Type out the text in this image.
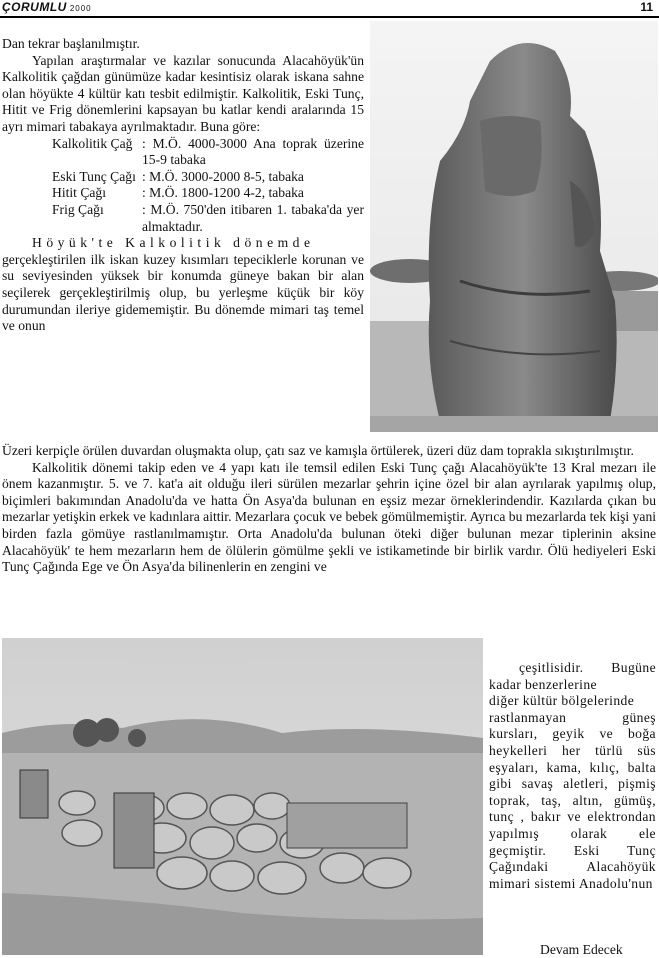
ÇORUMLU 2000	11

Dan tekrar başlanılmıştır.

Yapılan araştırmalar ve kazılar sonucunda Alacahöyük'ün Kalkolitik çağdan günümüze kadar kesintisiz olarak iskana sahne olan höyükte 4 kültür katı tesbit edilmiştir. Kalkolitik, Eski Tunç, Hitit ve Frig dönemlerini kapsayan bu katlar kendi aralarında 15 ayrı mimari tabakaya ayrılmaktadır. Buna göre:

Kalkolitik Çağ : M.Ö. 4000-3000 Ana toprak üzerine 15-9 tabaka
Eski Tunç Çağı : M.Ö. 3000-2000 8-5, tabaka
Hitit Çağı	: M.Ö. 1800-1200 4-2, tabaka
Frig Çağı	: M.Ö. 750'den itibaren 1. tabaka'da yer almaktadır.

Höyük'te Kalkolitik dönemde

gerçekleştirilen ilk iskan kuzey kısımları tepeciklerle korunan ve su seviyesinden yüksek bir konumda güneye bakan bir alan seçilerek gerçekleştirilmiş olup, bu yerleşme küçük bir köy durumundan ileriye gidememiştir. Bu dönemde mimari taş temel ve onun

Üzeri kerpiçle örülen duvardan oluşmakta olup, çatı saz ve kamışla örtülerek, üzeri düz dam toprakla sıkıştırılmıştır.

Kalkolitik dönemi takip eden ve 4 yapı katı ile temsil edilen Eski Tunç çağı Alacahöyük'te 13 Kral mezarı ile önem kazanmıştır. 5. ve 7. kat'a ait olduğu ileri sürülen mezarlar şehrin içine özel bir alan ayrılarak yapılmış olup, biçimleri bakımından Anadolu'da ve hatta Ön Asya'da bulunan en eşsiz mezar örneklerindendir. Kazılarda çıkan bu mezarlar yetişkin erkek ve kadınlara aittir. Mezarlara çocuk ve bebek gömülmemiştir. Ayrıca bu mezarlarda tek kişi yani birden fazla gömüye rastlanılmamıştır. Orta Anadolu'da bulunan öteki diğer bulunan mezar tiplerinin aksine Alacahöyük' te hem mezarların hem de ölülerin gömülme şekli ve istikametinde bir birlik vardır. Ölü hediyeleri Eski Tunç Çağında Ege ve Ön Asya'da bilinenlerin en zengini ve

çeşitlisidir. Bugüne kadar benzerlerine

diğer kültür bölgelerinde

rastlanmayan güneş kursları, geyik ve boğa heykelleri her türlü süs eşyaları, kama, kılıç, balta gibi savaş aletleri, pişmiş toprak, taş, altın, gümüş, tunç , bakır ve elektrondan yapılmış olarak ele geçmiştir. Eski Tunç Çağındaki Alacahöyük mimari sistemi Anadolu'nun

Devam Edecek
